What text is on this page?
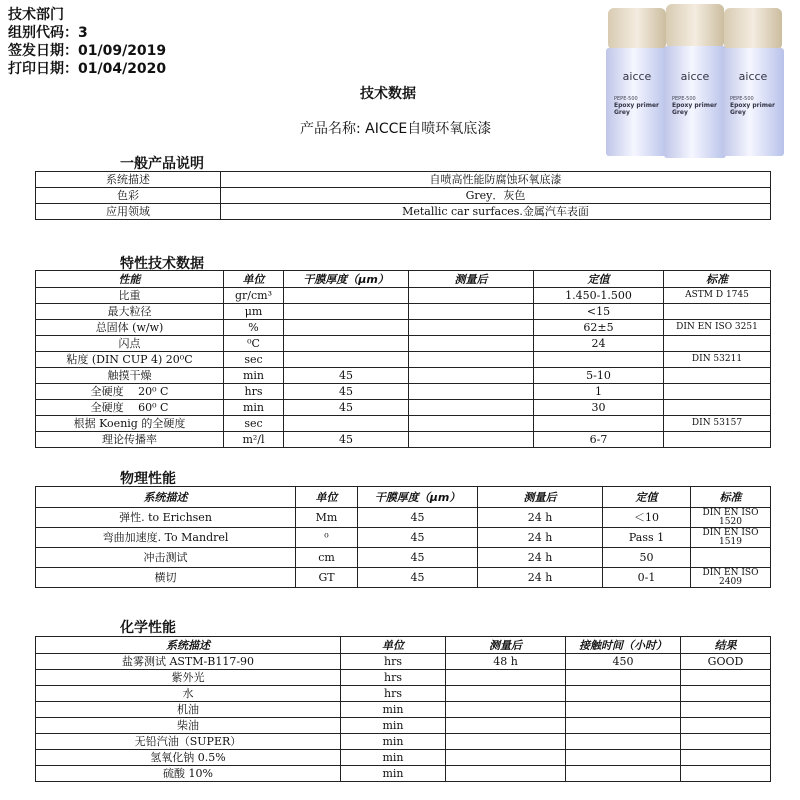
技术部门
组别代码：3
签发日期：01/09/2019
打印日期：01/04/2020	aicce
PEPE-500
Epoxy primer
Grey
aicce
PEPE-500
Epoxy primer
Grey
aicce
PEPE-500
Epoxy primer
Grey
技术数据
产品名称: AICCE自喷环氧底漆
一般产品说明
系统描述	自喷高性能防腐蚀环氧底漆
色彩	Grey．灰色
应用领域	Metallic car surfaces.金属汽车表面
特性技术数据
性能	单位	干膜厚度（μm）	测量后	定值	标准
比重	gr/cm³			1.450-1.500	ASTM D 1745
最大粒径	μm			<15	
总固体 (w/w)	%			62±5	DIN EN ISO 3251
闪点	⁰C			24	
粘度 (DIN CUP 4) 20⁰C	sec				DIN 53211
触摸干燥	min	45		5-10	
全硬度 　20⁰ C	hrs	45		1	
全硬度 　60⁰ C	min	45		30	
根据 Koenig 的全硬度	sec				DIN 53157
理论传播率	m²/l	45		6-7	
物理性能
系统描述	单位	干膜厚度（μm）	测量后	定值	标准
弹性. to Erichsen	Mm	45	24 h	＜10	DIN EN ISO 1520
弯曲加速度. To Mandrel	⁰	45	24 h	Pass 1	DIN EN ISO 1519
冲击测试	cm	45	24 h	50	
横切	GT	45	24 h	0-1	DIN EN ISO 2409
化学性能
系统描述	单位	测量后	接触时间（小时）	结果
盐雾测试 ASTM-B117-90	hrs	48 h	450	GOOD
紫外光	hrs			
水	hrs			
机油	min			
柴油	min			
无铅汽油（SUPER）	min			
氢氧化钠 0.5%	min			
硫酸 10%	min			
